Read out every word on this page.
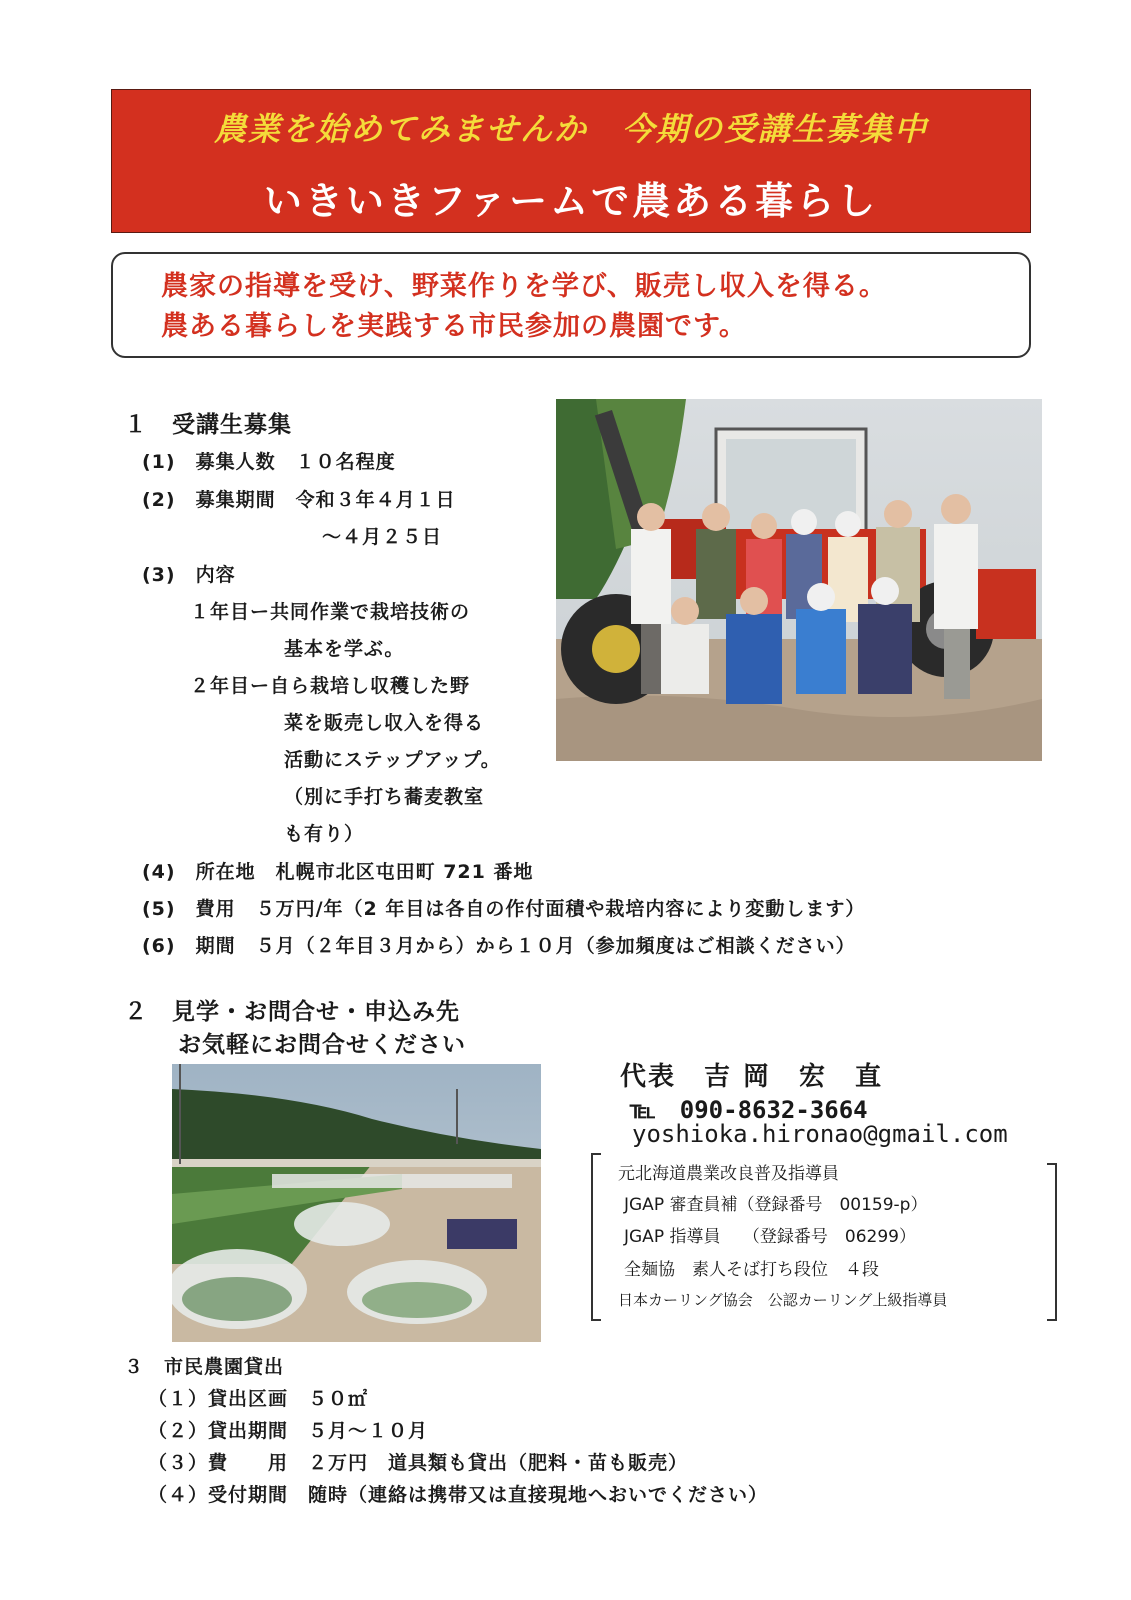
農業を始めてみませんか　今期の受講生募集中
いきいきファームで農ある暮らし
農家の指導を受け、野菜作りを学び、販売し収入を得る。
農ある暮らしを実践する市民参加の農園です。
１　受講生募集
(1)　募集人数　１０名程度
(2)　募集期間　令和３年４月１日
　　　　　　　　　～４月２５日
(3)　内容
１年目ー共同作業で栽培技術の
基本を学ぶ。
２年目ー自ら栽培し収穫した野
菜を販売し収入を得る
活動にステップアップ。
（別に手打ち蕎麦教室
も有り）
(4)　所在地　札幌市北区屯田町 721 番地
(5)　費用　５万円/年（2 年目は各自の作付面積や栽培内容により変動します）
(6)　期間　５月（２年目３月から）から１０月（参加頻度はご相談ください）
２　見学・お問合せ・申込み先
お気軽にお問合せください
代表　吉 岡　宏　直
℡　090-8632-3664
yoshioka.hironao@gmail.com
元北海道農業改良普及指導員
JGAP 審査員補（登録番号　00159-p）
JGAP 指導員　 （登録番号　06299）
全麺協　素人そば打ち段位　４段
日本カーリング協会　公認カーリング上級指導員
３　市民農園貸出
（１）貸出区画　５０㎡
（２）貸出期間　５月～１０月
（３）費　　用　２万円　道具類も貸出（肥料・苗も販売）
（４）受付期間　随時（連絡は携帯又は直接現地へおいでください）
